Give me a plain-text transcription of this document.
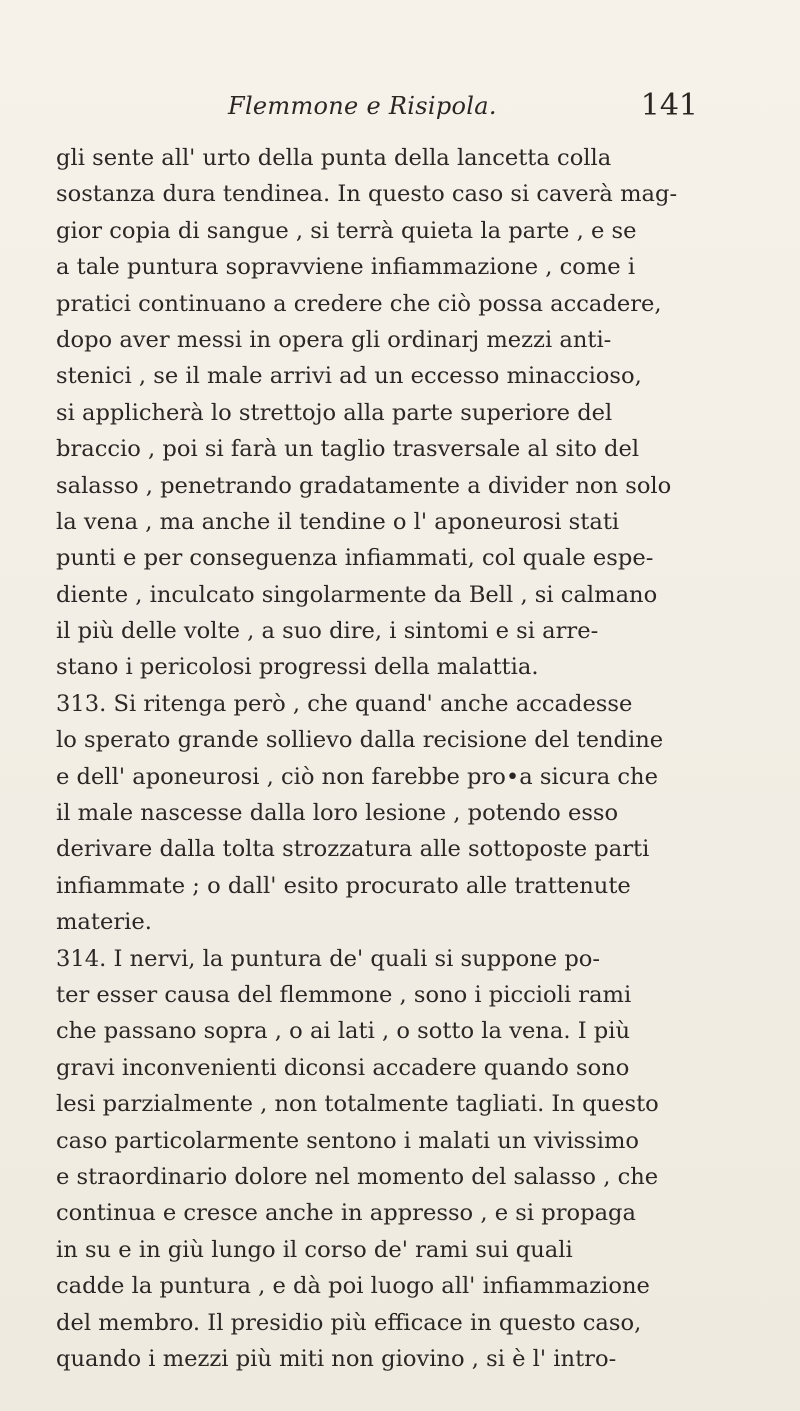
Flemmone e Risipola.	141
gli sente all' urto della punta della lancetta colla
sostanza dura tendinea. In questo caso si caverà mag-
gior copia di sangue , si terrà quieta la parte , e se
a tale puntura sopravviene infiammazione , come i
pratici continuano a credere che ciò possa accadere,
dopo aver messi in opera gli ordinarj mezzi anti-
stenici , se il male arrivi ad un eccesso minaccioso,
si applicherà lo strettojo alla parte superiore del
braccio , poi si farà un taglio trasversale al sito del
salasso , penetrando gradatamente a divider non solo
la vena , ma anche il tendine o l' aponeurosi stati
punti e per conseguenza infiammati, col quale espe-
diente , inculcato singolarmente da Bell , si calmano
il più delle volte , a suo dire, i sintomi e si arre-
stano i pericolosi progressi della malattia.
313. Si ritenga però , che quand' anche accadesse
lo sperato grande sollievo dalla recisione del tendine
e dell' aponeurosi , ciò non farebbe pro•a sicura che
il male nascesse dalla loro lesione , potendo esso
derivare dalla tolta strozzatura alle sottoposte parti
infiammate ; o dall' esito procurato alle trattenute
materie.
314. I nervi, la puntura de' quali si suppone po-
ter esser causa del flemmone , sono i piccioli rami
che passano sopra , o ai lati , o sotto la vena. I più
gravi inconvenienti diconsi accadere quando sono
lesi parzialmente , non totalmente tagliati. In questo
caso particolarmente sentono i malati un vivissimo
e straordinario dolore nel momento del salasso , che
continua e cresce anche in appresso , e si propaga
in su e in giù lungo il corso de' rami sui quali
cadde la puntura , e dà poi luogo all' infiammazione
del membro. Il presidio più efficace in questo caso,
quando i mezzi più miti non giovino , si è l' intro-
